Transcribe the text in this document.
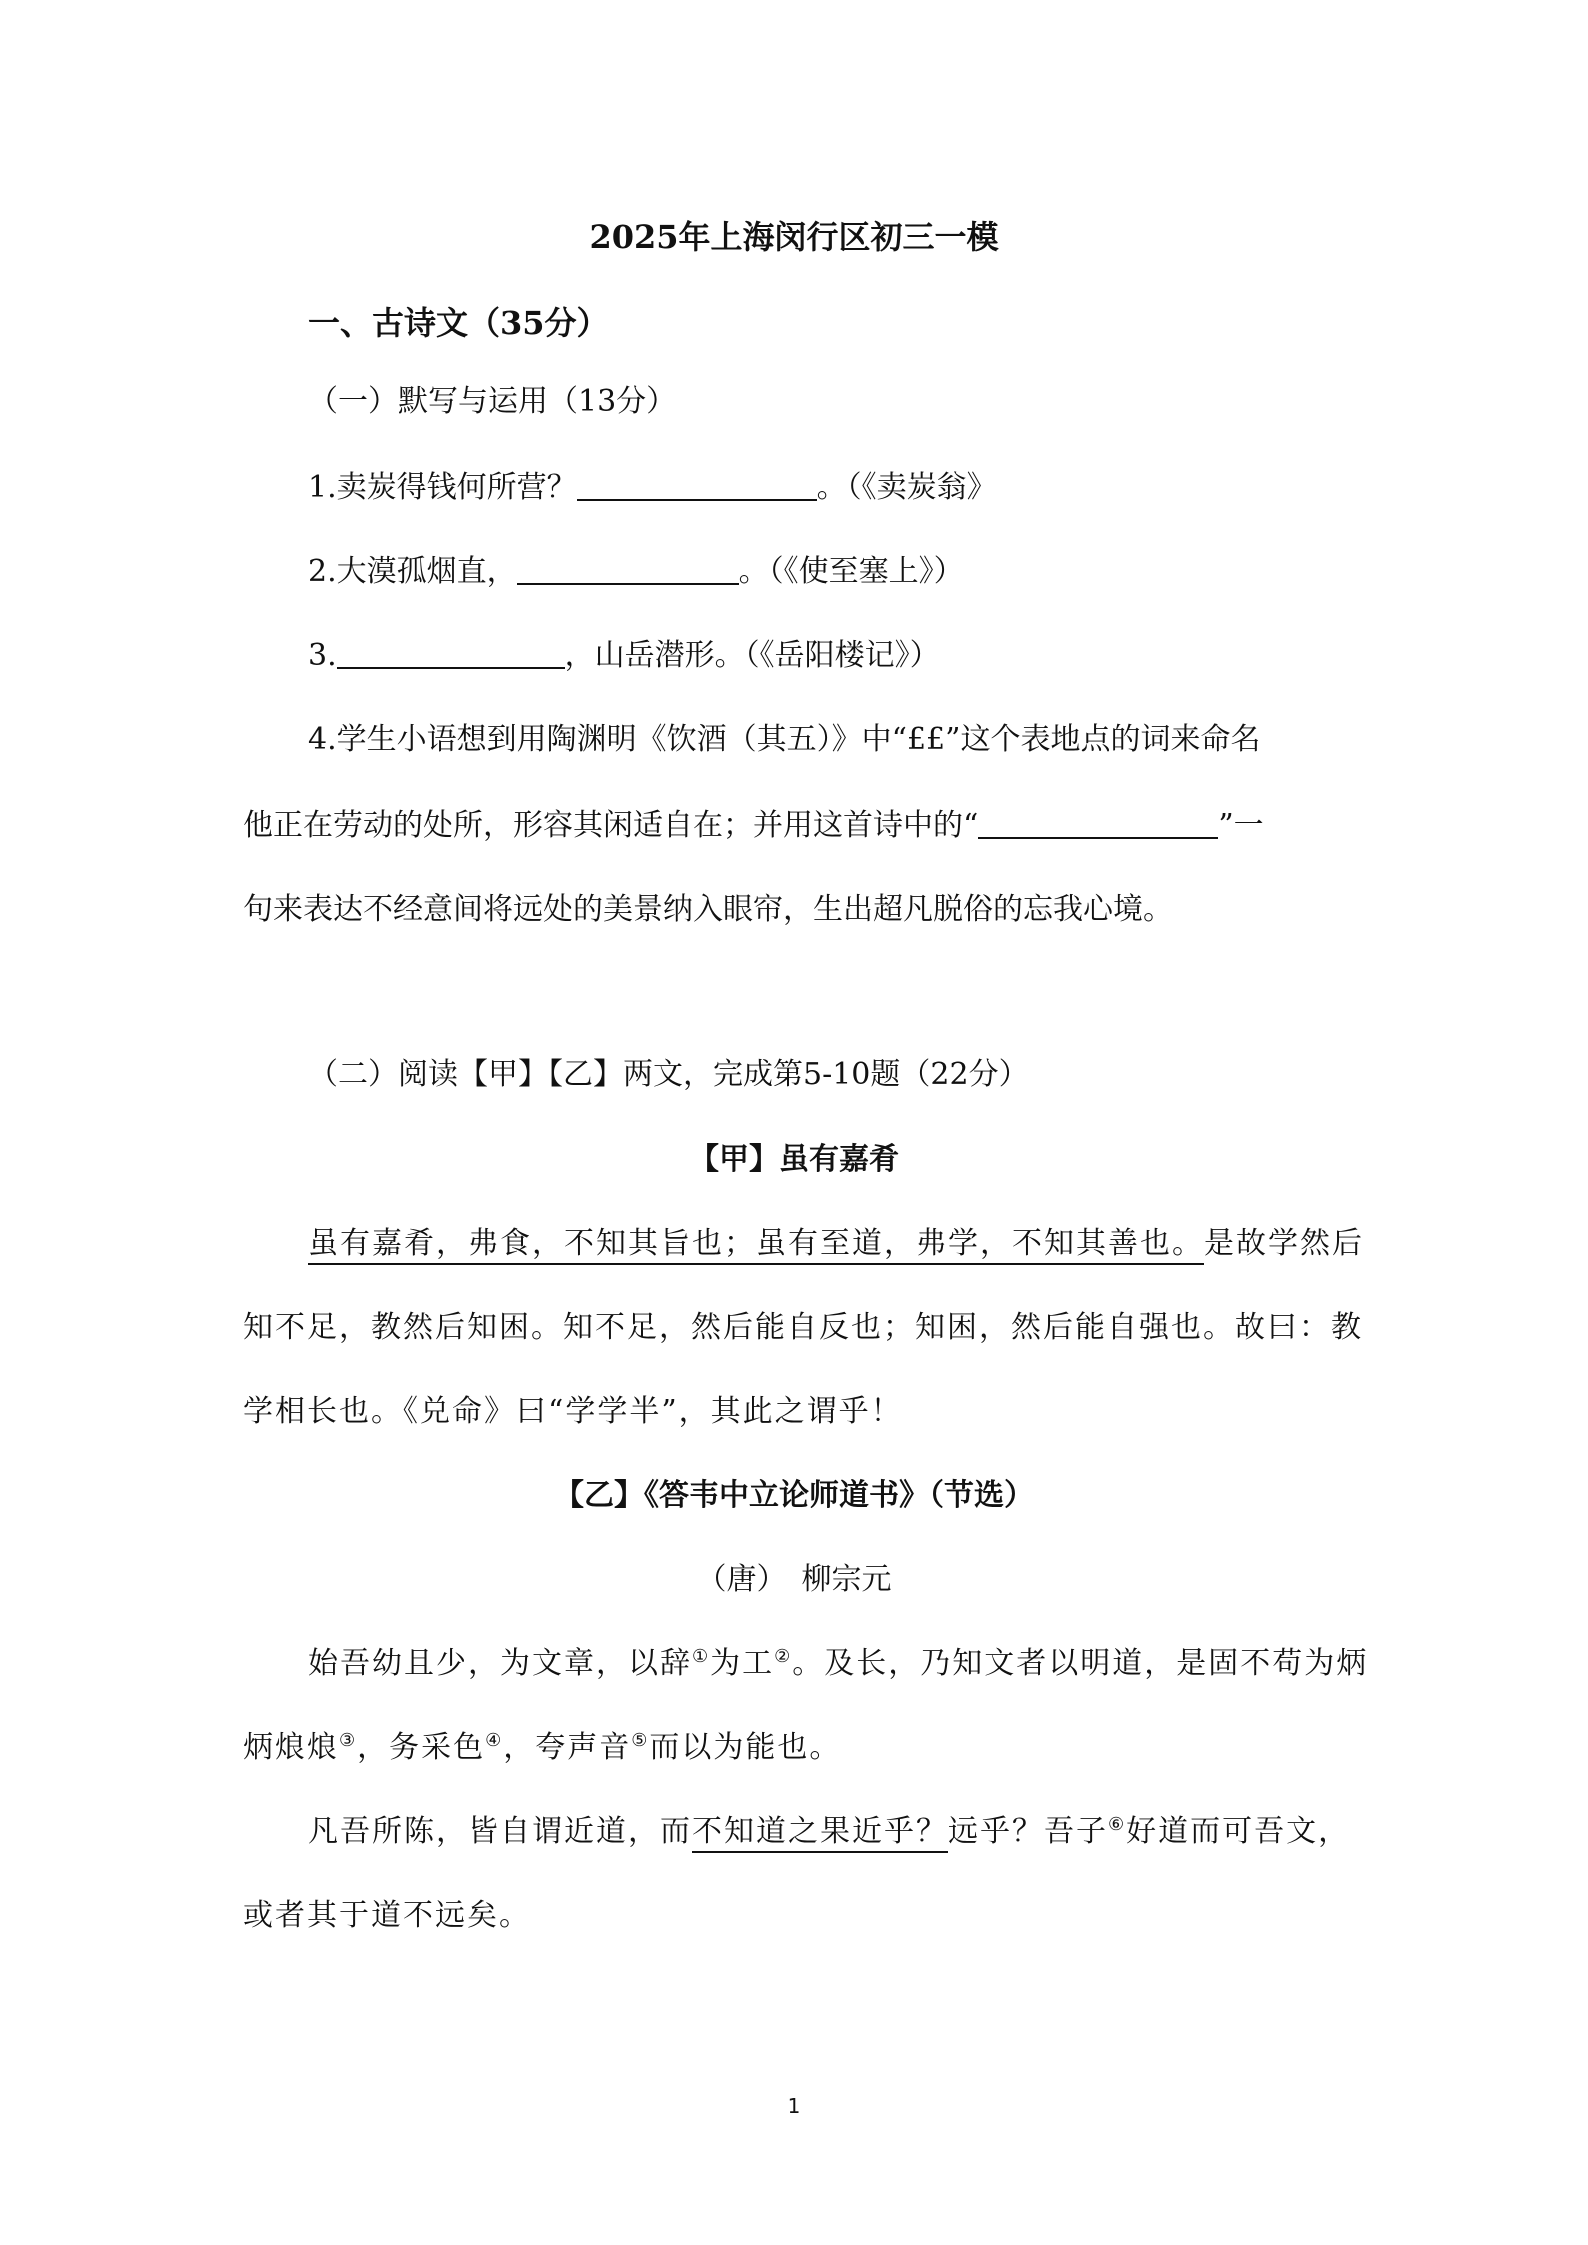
2025年上海闵行区初三一模
一、古诗文（35分）
（一）默写与运用（13分）
1.卖炭得钱何所营？	。（《卖炭翁》
2.大漠孤烟直，	。（《使至塞上》）
3.	，山岳潜形。（《岳阳楼记》）
4.学生小语想到用陶渊明《饮酒（其五）》中“££”这个表地点的词来命名
他正在劳动的处所，形容其闲适自在；并用这首诗中的“	”一
句来表达不经意间将远处的美景纳入眼帘，生出超凡脱俗的忘我心境。
（二）阅读【甲】【乙】两文，完成第5-10题（22分）
【甲】虽有嘉肴
虽有嘉肴，弗食，不知其旨也；虽有至道，弗学，不知其善也。是故学然后
知不足，教然后知困。知不足，然后能自反也；知困，然后能自强也。故曰：教
学相长也。《兑命》曰“学学半”，其此之谓乎！
【乙】《答韦中立论师道书》（节选）
（唐）　柳宗元
始吾幼且少，为文章，以辞①为工②。及长，乃知文者以明道，是固不苟为炳
炳烺烺③，务采色④，夸声音⑤而以为能也。
凡吾所陈，皆自谓近道，而不知道之果近乎？远乎？吾子⑥好道而可吾文，
或者其于道不远矣。
1
